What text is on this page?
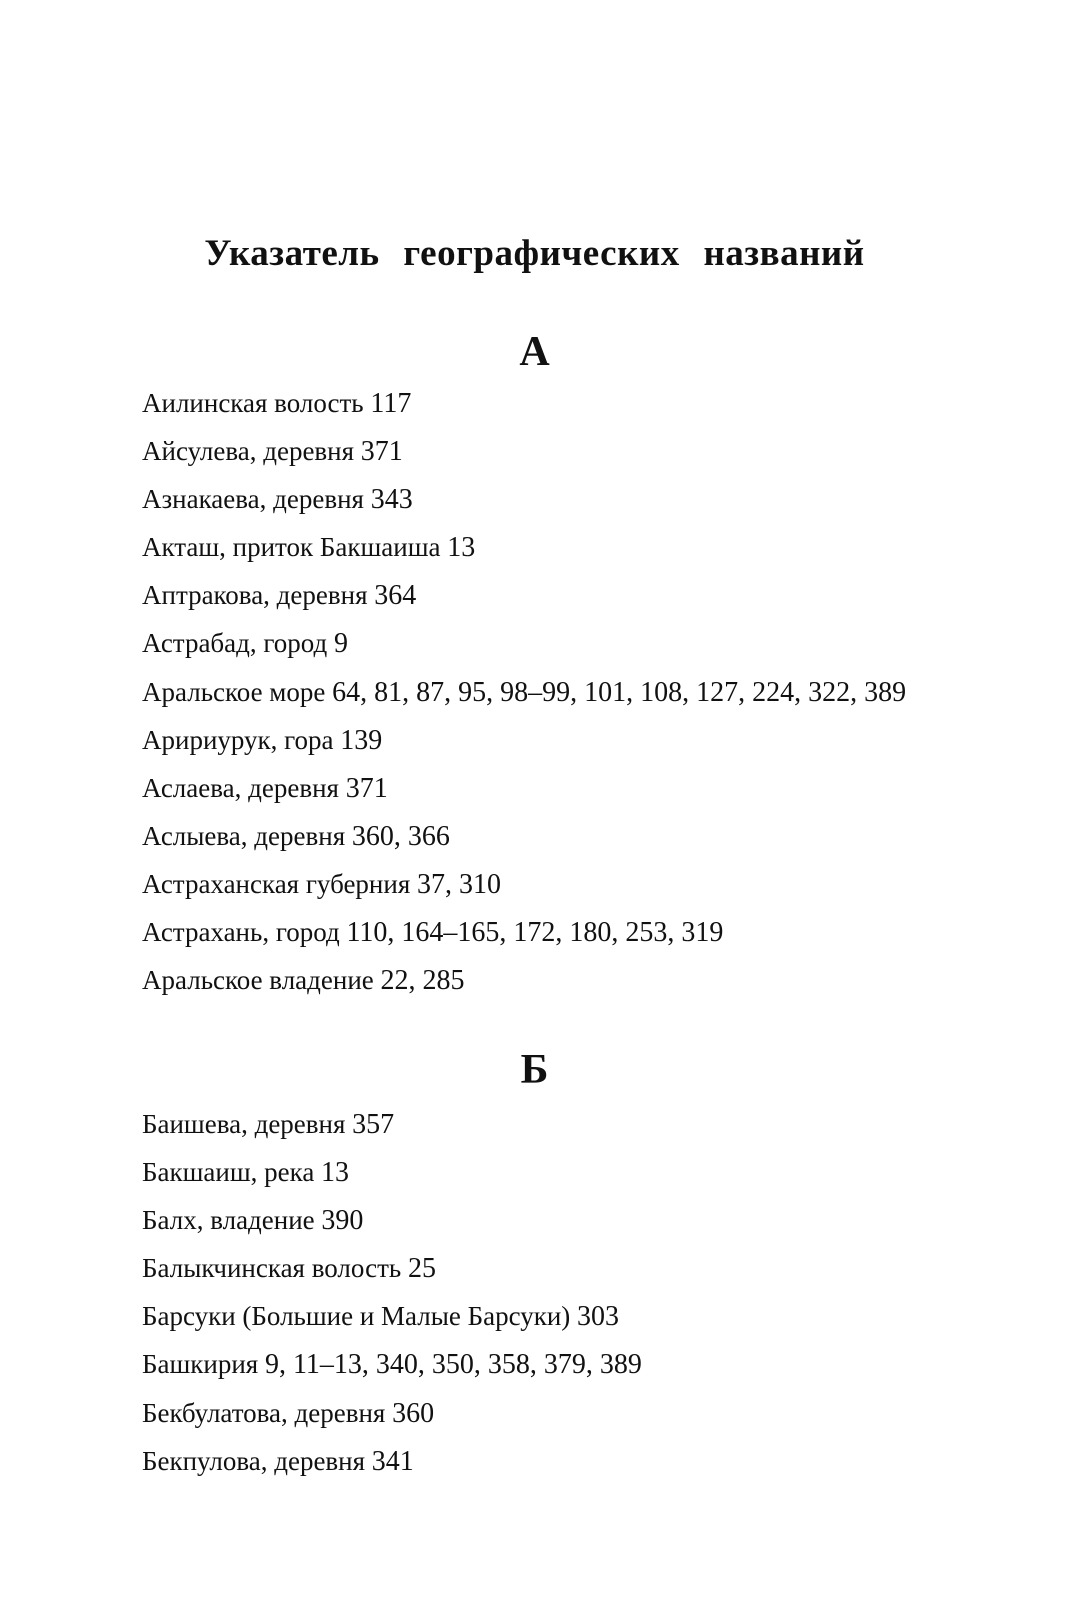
Указатель географических названий
А
Аилинская волость 117
Айсулева, деревня 371
Азнакаева, деревня 343
Акташ, приток Бакшаиша 13
Аптракова, деревня 364
Астрабад, город 9
Аральское море 64, 81, 87, 95, 98–99, 101, 108, 127, 224, 322, 389
Аририурук, гора 139
Аслаева, деревня 371
Аслыева, деревня 360, 366
Астраханская губерния 37, 310
Астрахань, город 110, 164–165, 172, 180, 253, 319
Аральское владение 22, 285
Б
Баишева, деревня 357
Бакшаиш, река 13
Балх, владение 390
Балыкчинская волость 25
Барсуки (Большие и Малые Барсуки) 303
Башкирия 9, 11–13, 340, 350, 358, 379, 389
Бекбулатова, деревня 360
Бекпулова, деревня 341
